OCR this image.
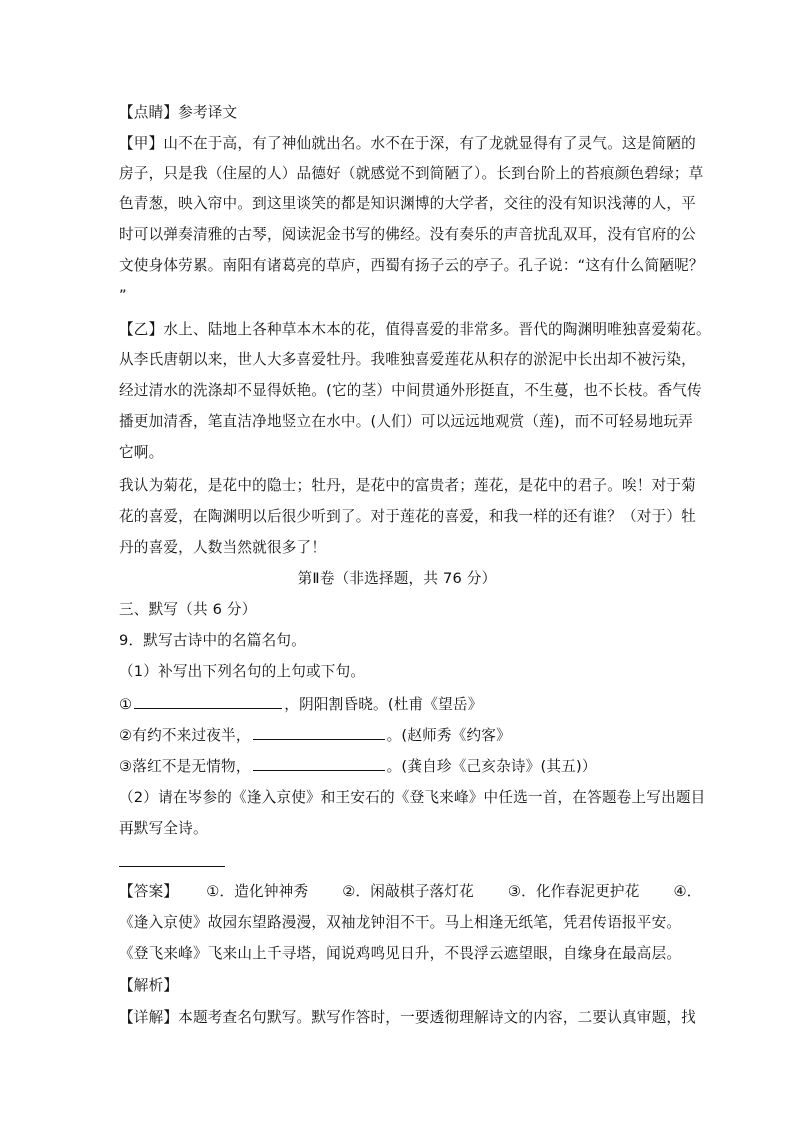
【点睛】参考译文
【甲】山不在于高，有了神仙就出名。水不在于深，有了龙就显得有了灵气。这是简陋的
房子，只是我（住屋的人）品德好（就感觉不到简陋了）。长到台阶上的苔痕颜色碧绿；草
色青葱，映入帘中。到这里谈笑的都是知识渊博的大学者，交往的没有知识浅薄的人，平
时可以弹奏清雅的古琴，阅读泥金书写的佛经。没有奏乐的声音扰乱双耳，没有官府的公
文使身体劳累。南阳有诸葛亮的草庐，西蜀有扬子云的亭子。孔子说：“这有什么简陋呢？
”
【乙】水上、陆地上各种草本木本的花，值得喜爱的非常多。晋代的陶渊明唯独喜爱菊花。
从李氏唐朝以来，世人大多喜爱牡丹。我唯独喜爱莲花从积存的淤泥中长出却不被污染，
经过清水的洗涤却不显得妖艳。(它的茎）中间贯通外形挺直，不生蔓，也不长枝。香气传
播更加清香，笔直洁净地竖立在水中。(人们）可以远远地观赏（莲)，而不可轻易地玩弄
它啊。
我认为菊花，是花中的隐士；牡丹，是花中的富贵者；莲花，是花中的君子。唉！对于菊
花的喜爱，在陶渊明以后很少听到了。对于莲花的喜爱，和我一样的还有谁？（对于）牡
丹的喜爱，人数当然就很多了！
第Ⅱ卷（非选择题，共 76 分）
三、默写（共 6 分）
9．默写古诗中的名篇名句。
（1）补写出下列名句的上句或下句。
①	，阴阳割昏晓。(杜甫《望岳》
②有约不来过夜半，	。(赵师秀《约客》
③落红不是无情物，	。(龚自珍《己亥杂诗》(其五)）
（2）请在岑参的《逢入京使》和王安石的《登飞来峰》中任选一首，在答题卷上写出题目
再默写全诗。
【答案】 ①．造化钟神秀 ②．闲敲棋子落灯花 ③．化作春泥更护花 ④．
《逢入京使》故园东望路漫漫，双袖龙钟泪不干。马上相逢无纸笔，凭君传语报平安。
《登飞来峰》飞来山上千寻塔，闻说鸡鸣见日升，不畏浮云遮望眼，自缘身在最高层。
【解析】
【详解】本题考查名句默写。默写作答时，一要透彻理解诗文的内容，二要认真审题，找
